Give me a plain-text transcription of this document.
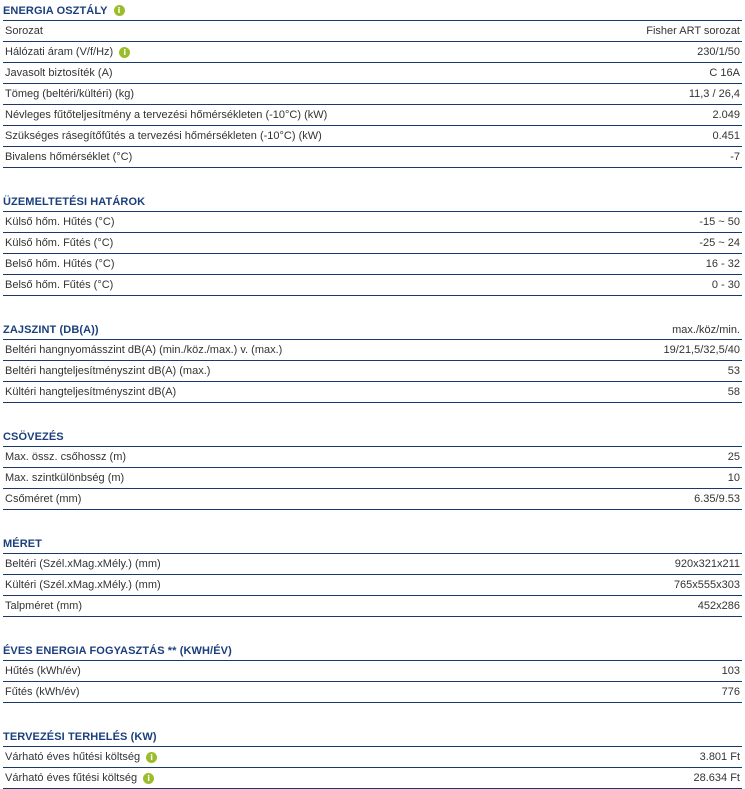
ENERGIA OSZTÁLY	i
Sorozat	Fisher ART sorozat
Hálózati áram (V/f/Hz)	i	230/1/50
Javasolt biztosíték (A)	C 16A
Tömeg (beltéri/kültéri) (kg)	11,3 / 26,4
Névleges fűtőteljesítmény a tervezési hőmérsékleten (-10°C) (kW)	2.049
Szükséges rásegítőfűtés a tervezési hőmérsékleten (-10°C) (kW)	0.451
Bivalens hőmérséklet (°C)	-7
ÜZEMELTETÉSI HATÁROK
Külső hőm. Hűtés (°C)	-15 ~ 50
Külső hőm. Fűtés (°C)	-25 ~ 24
Belső hőm. Hűtés (°C)	16 - 32
Belső hőm. Fűtés (°C)	0 - 30
ZAJSZINT (DB(A))	max./köz/min.
Beltéri hangnyomásszint dB(A) (min./köz./max.) v. (max.)	19/21,5/32,5/40
Beltéri hangteljesítményszint dB(A) (max.)	53
Kültéri hangteljesítményszint dB(A)	58
CSÖVEZÉS
Max. össz. csőhossz (m)	25
Max. szintkülönbség (m)	10
Csőméret (mm)	6.35/9.53
MÉRET
Beltéri (Szél.xMag.xMély.) (mm)	920x321x211
Kültéri (Szél.xMag.xMély.) (mm)	765x555x303
Talpméret (mm)	452x286
ÉVES ENERGIA FOGYASZTÁS ** (KWH/ÉV)
Hűtés (kWh/év)	103
Fűtés (kWh/év)	776
TERVEZÉSI TERHELÉS (KW)
Várható éves hűtési költség	i	3.801 Ft
Várható éves fűtési költség	i	28.634 Ft
